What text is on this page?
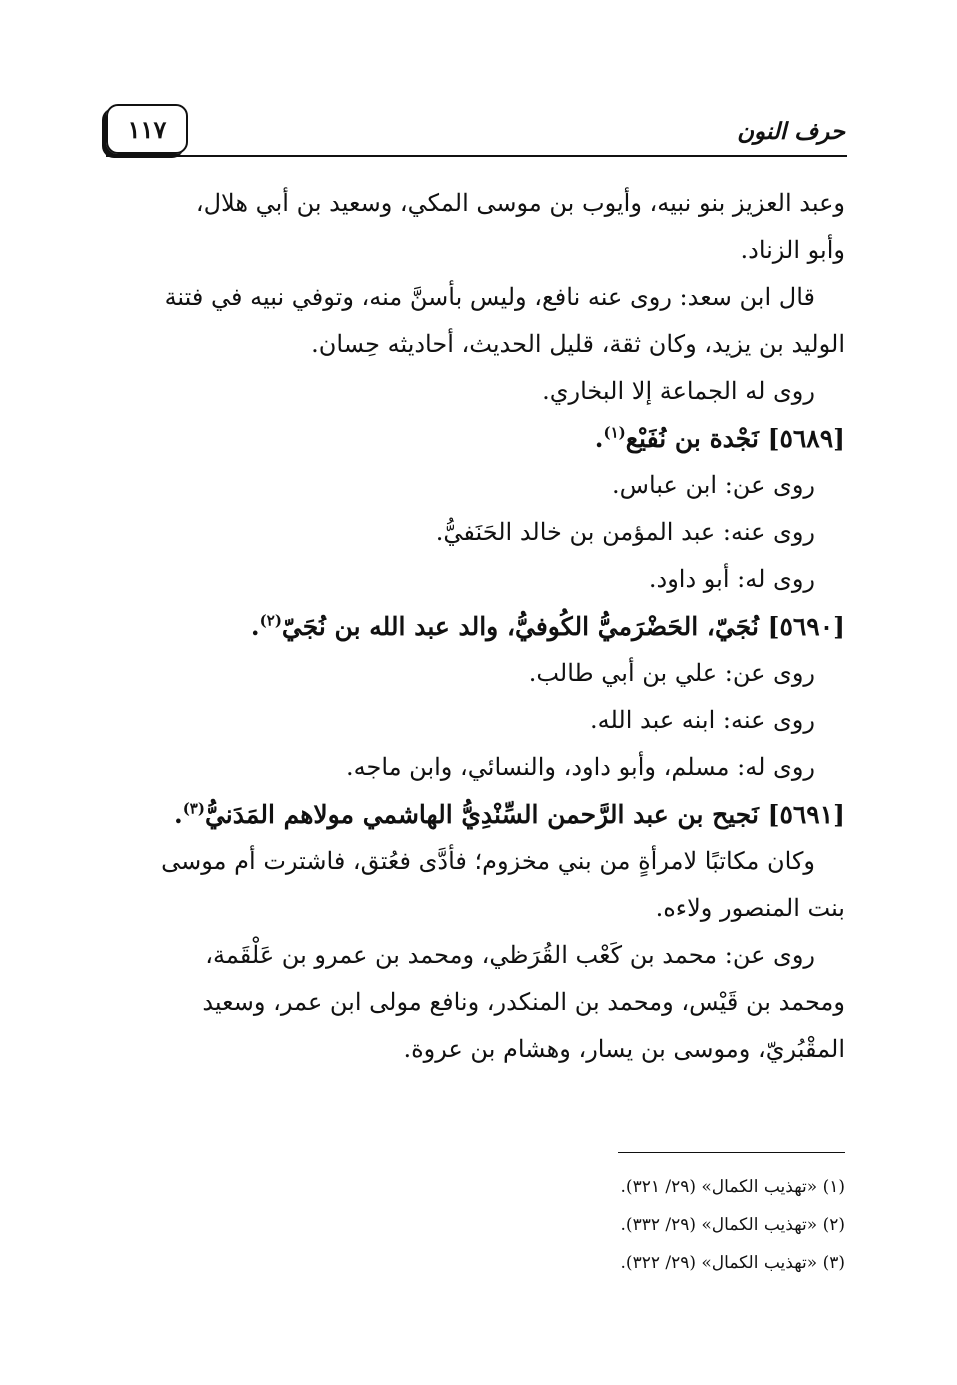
١١٧	حرف النون

وعبد العزيز بنو نبيه، وأيوب بن موسى المكي، وسعيد بن أبي هلال،

وأبو الزناد.

قال ابن سعد: روى عنه نافع، وليس بأسنَّ منه، وتوفي نبيه في فتنة

الوليد بن يزيد، وكان ثقة، قليل الحديث، أحاديثه حِسان.

روى له الجماعة إلا البخاري.

[٥٦٨٩] نَجْدة بن نُفَيْع$^{(١)}$.

روى عن: ابن عباس.

روى عنه: عبد المؤمن بن خالد الحَنَفيُّ.

روى له: أبو داود.

[٥٦٩٠] نُجَيّ، الحَضْرَميُّ الكُوفيُّ، والد عبد الله بن نُجَيّ$^{(٢)}$.

روى عن: علي بن أبي طالب.

روى عنه: ابنه عبد الله.

روى له: مسلم، وأبو داود، والنسائي، وابن ماجه.

[٥٦٩١] نَجيح بن عبد الرَّحمن السِّنْدِيُّ الهاشمي مولاهم المَدَنيُّ$^{(٣)}$.

وكان مكاتبًا لامرأةٍ من بني مخزوم؛ فأدَّى فعُتق، فاشترت أم موسى

بنت المنصور ولاءه.

روى عن: محمد بن كَعْب القُرَظي، ومحمد بن عمرو بن عَلْقَمة،

ومحمد بن قَيْس، ومحمد بن المنكدر، ونافع مولى ابن عمر، وسعيد

المقْبُريّ، وموسى بن يسار، وهشام بن عروة.

(١) «تهذيب الكمال» (٢٩/ ٣٢١).

(٢) «تهذيب الكمال» (٢٩/ ٣٣٢).

(٣) «تهذيب الكمال» (٢٩/ ٣٢٢).
